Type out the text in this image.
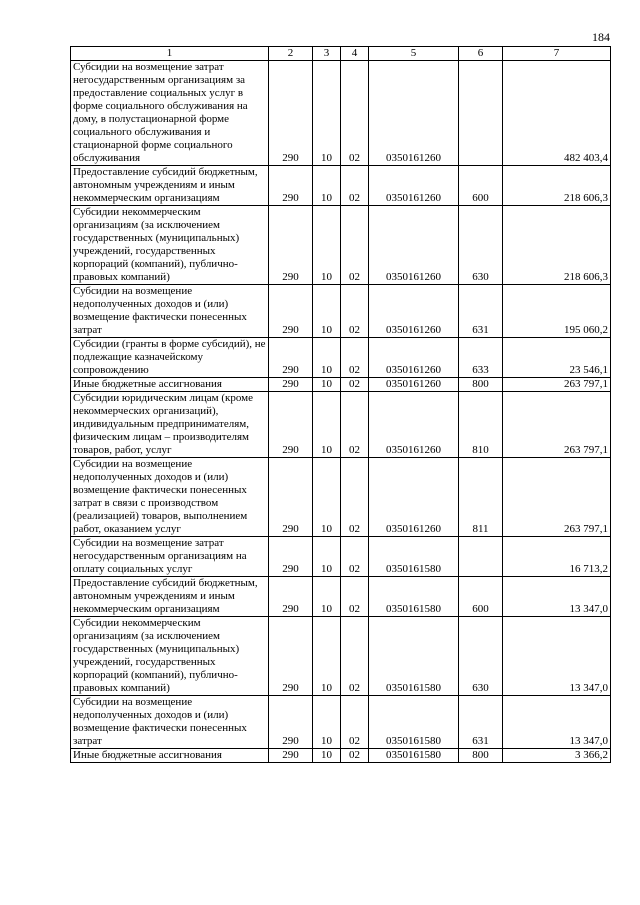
184
1	2	3	4	5	6	7
Субсидии на возмещение затрат негосударственным организациям за предоставление социальных услуг в форме социального обслуживания на дому, в полустационарной форме социального обслуживания и стационарной форме социального обслуживания	290	10	02	0350161260		482 403,4
Предоставление субсидий бюджетным, автономным учреждениям и иным некоммерческим организациям	290	10	02	0350161260	600	218 606,3
Субсидии некоммерческим организациям (за исключением государственных (муниципальных) учреждений, государственных корпораций (компаний), публично-правовых компаний)	290	10	02	0350161260	630	218 606,3
Субсидии на возмещение недополученных доходов и (или) возмещение фактически понесенных затрат	290	10	02	0350161260	631	195 060,2
Субсидии (гранты в форме субсидий), не подлежащие казначейскому сопровождению	290	10	02	0350161260	633	23 546,1
Иные бюджетные ассигнования	290	10	02	0350161260	800	263 797,1
Субсидии юридическим лицам (кроме некоммерческих организаций), индивидуальным предпринимателям, физическим лицам – производителям товаров, работ, услуг	290	10	02	0350161260	810	263 797,1
Субсидии на возмещение недополученных доходов и (или) возмещение фактически понесенных затрат в связи с производством (реализацией) товаров, выполнением работ, оказанием услуг	290	10	02	0350161260	811	263 797,1
Субсидии на возмещение затрат негосударственным организациям на оплату социальных услуг	290	10	02	0350161580		16 713,2
Предоставление субсидий бюджетным, автономным учреждениям и иным некоммерческим организациям	290	10	02	0350161580	600	13 347,0
Субсидии некоммерческим организациям (за исключением государственных (муниципальных) учреждений, государственных корпораций (компаний), публично-правовых компаний)	290	10	02	0350161580	630	13 347,0
Субсидии на возмещение недополученных доходов и (или) возмещение фактически понесенных затрат	290	10	02	0350161580	631	13 347,0
Иные бюджетные ассигнования	290	10	02	0350161580	800	3 366,2
